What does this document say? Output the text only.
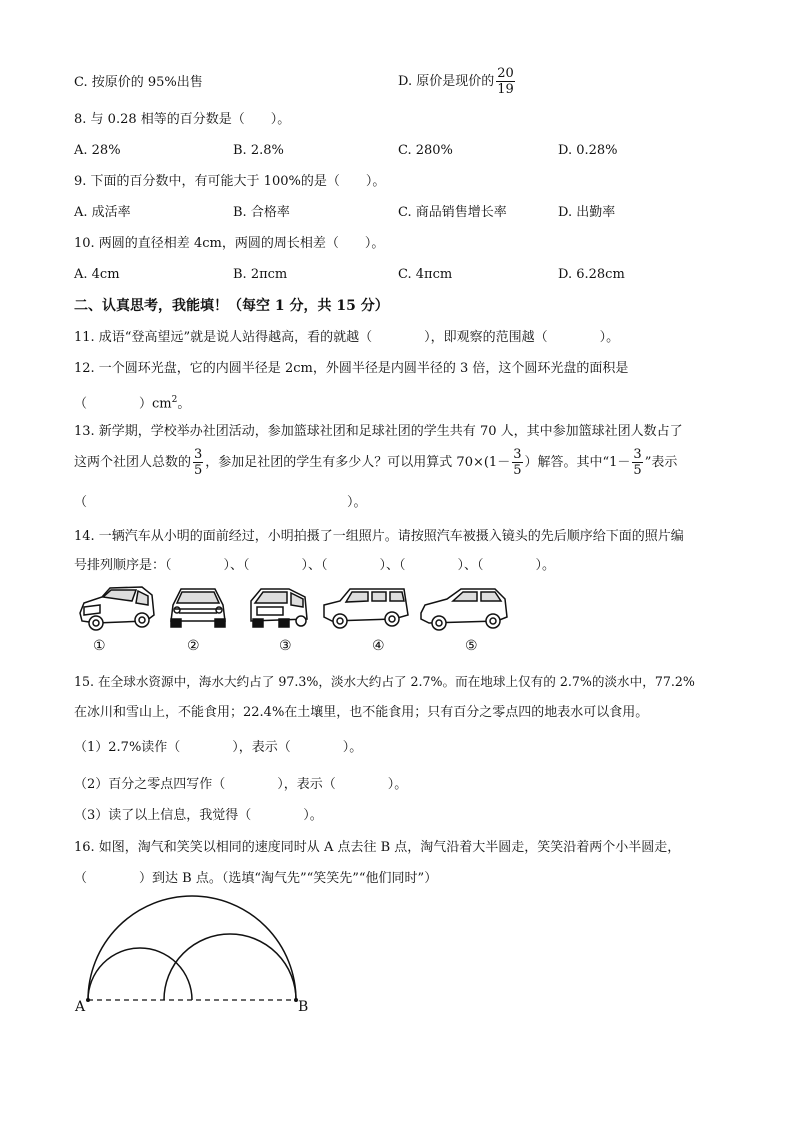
C. 按原价的 95%出售	D. 原价是现价的 $\frac{20}{19}$
8. 与 0.28 相等的百分数是（　　）。
A. 28%	B. 2.8%	C. 280%	D. 0.28%
9. 下面的百分数中，有可能大于 100%的是（　　）。
A. 成活率	B. 合格率	C. 商品销售增长率	D. 出勤率
10. 两圆的直径相差 4cm，两圆的周长相差（　　）。
A. 4cm	B. 2πcm	C. 4πcm	D. 6.28cm
二、认真思考，我能填！（每空 1 分，共 15 分）
11. 成语“登高望远”就是说人站得越高，看的就越（　　　　），即观察的范围越（　　　　）。
12. 一个圆环光盘，它的内圆半径是 2cm，外圆半径是内圆半径的 3 倍，这个圆环光盘的面积是
（　　　　）$cm^2$。
13. 新学期，学校举办社团活动，参加篮球社团和足球社团的学生共有 70 人，其中参加篮球社团人数占了
这两个社团人总数的 $\frac{3}{5}$ ，参加足社团的学生有多少人？可以用算式 $70\times(1- \frac{3}{5}$ ）解答。其中“$1- \frac{3}{5}$ ”表示
（　　　　　　　　　　　　　　　　　　　　）。
14. 一辆汽车从小明的面前经过，小明拍摄了一组照片。请按照汽车被摄入镜头的先后顺序给下面的照片编
号排列顺序是：（　　　　）、（　　　　）、（　　　　）、（　　　　）、（　　　　）。
①	②	③	④	⑤
15. 在全球水资源中，海水大约占了 97.3%，淡水大约占了 2.7%。而在地球上仅有的 2.7%的淡水中，77.2%
在冰川和雪山上，不能食用；22.4%在土壤里，也不能食用；只有百分之零点四的地表水可以食用。
（1）2.7%读作（　　　　），表示（　　　　）。
（2）百分之零点四写作（　　　　），表示（　　　　）。
（3）读了以上信息，我觉得（　　　　）。
16. 如图，淘气和笑笑以相同的速度同时从 A 点去往 B 点，淘气沿着大半圆走，笑笑沿着两个小半圆走，
（　　　　）到达 B 点。（选填“淘气先”“笑笑先”“他们同时”）
A	B
